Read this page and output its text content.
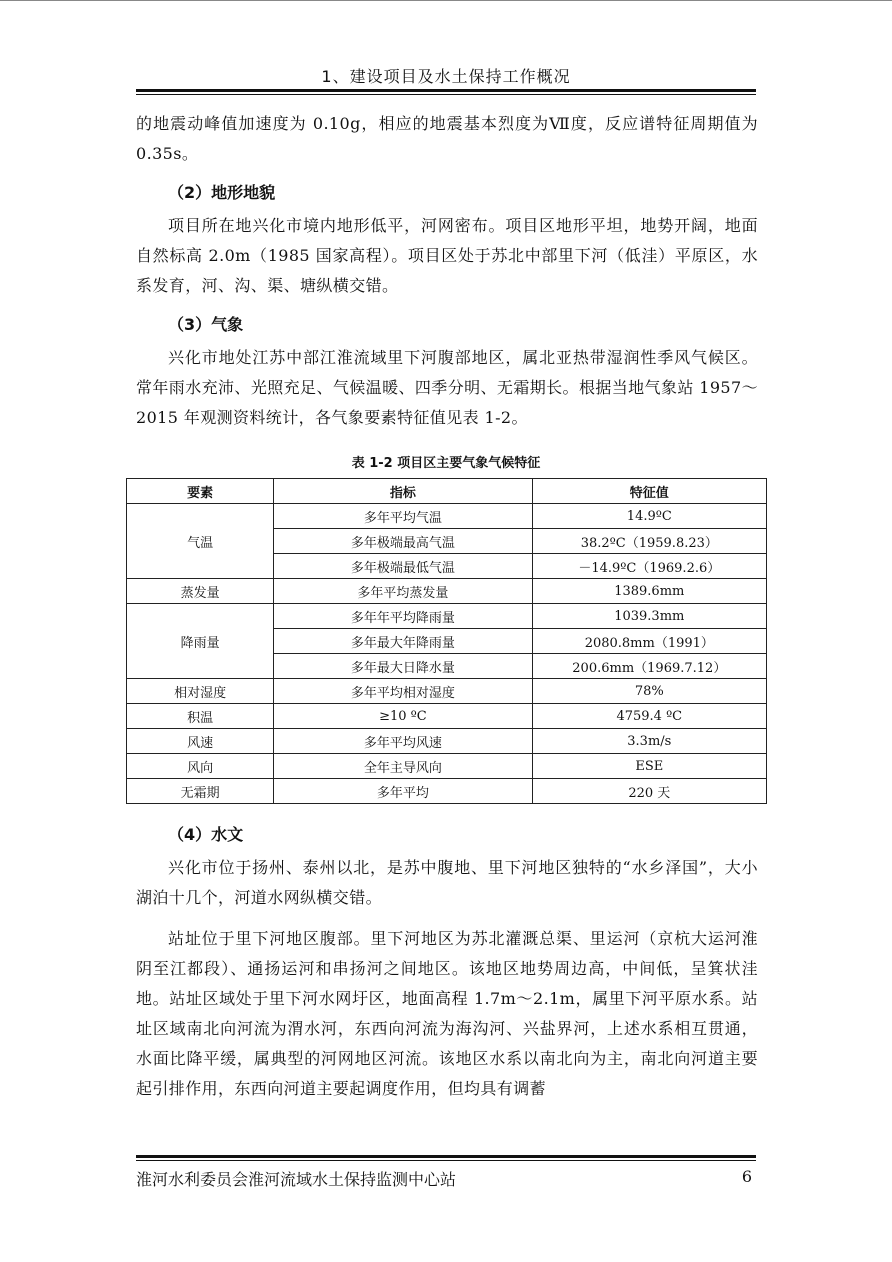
1、建设项目及水土保持工作概况

的地震动峰值加速度为 0.10g，相应的地震基本烈度为Ⅶ度，反应谱特征周期值为 0.35s。

（2）地形地貌

项目所在地兴化市境内地形低平，河网密布。项目区地形平坦，地势开阔，地面自然标高 2.0m（1985 国家高程）。项目区处于苏北中部里下河（低洼）平原区，水系发育，河、沟、渠、塘纵横交错。

（3）气象

兴化市地处江苏中部江淮流域里下河腹部地区，属北亚热带湿润性季风气候区。常年雨水充沛、光照充足、气候温暖、四季分明、无霜期长。根据当地气象站 1957～2015 年观测资料统计，各气象要素特征值见表 1-2。

表 1-2 项目区主要气象气候特征
要素	指标	特征值
气温	多年平均气温	14.9ºC
	多年极端最高气温	38.2ºC（1959.8.23）
	多年极端最低气温	－14.9ºC（1969.2.6）
蒸发量	多年平均蒸发量	1389.6mm
降雨量	多年年平均降雨量	1039.3mm
	多年最大年降雨量	2080.8mm（1991）
	多年最大日降水量	200.6mm（1969.7.12）
相对湿度	多年平均相对湿度	78%
积温	≥10 ºC	4759.4 ºC
风速	多年平均风速	3.3m/s
风向	全年主导风向	ESE
无霜期	多年平均	220 天

（4）水文

兴化市位于扬州、泰州以北，是苏中腹地、里下河地区独特的“水乡泽国”，大小湖泊十几个，河道水网纵横交错。

站址位于里下河地区腹部。里下河地区为苏北灌溉总渠、里运河（京杭大运河淮阴至江都段）、通扬运河和串扬河之间地区。该地区地势周边高，中间低，呈箕状洼地。站址区域处于里下河水网圩区，地面高程 1.7m～2.1m，属里下河平原水系。站址区域南北向河流为渭水河，东西向河流为海沟河、兴盐界河，上述水系相互贯通，水面比降平缓，属典型的河网地区河流。该地区水系以南北向为主，南北向河道主要起引排作用，东西向河道主要起调度作用，但均具有调蓄

淮河水利委员会淮河流域水土保持监测中心站	6
